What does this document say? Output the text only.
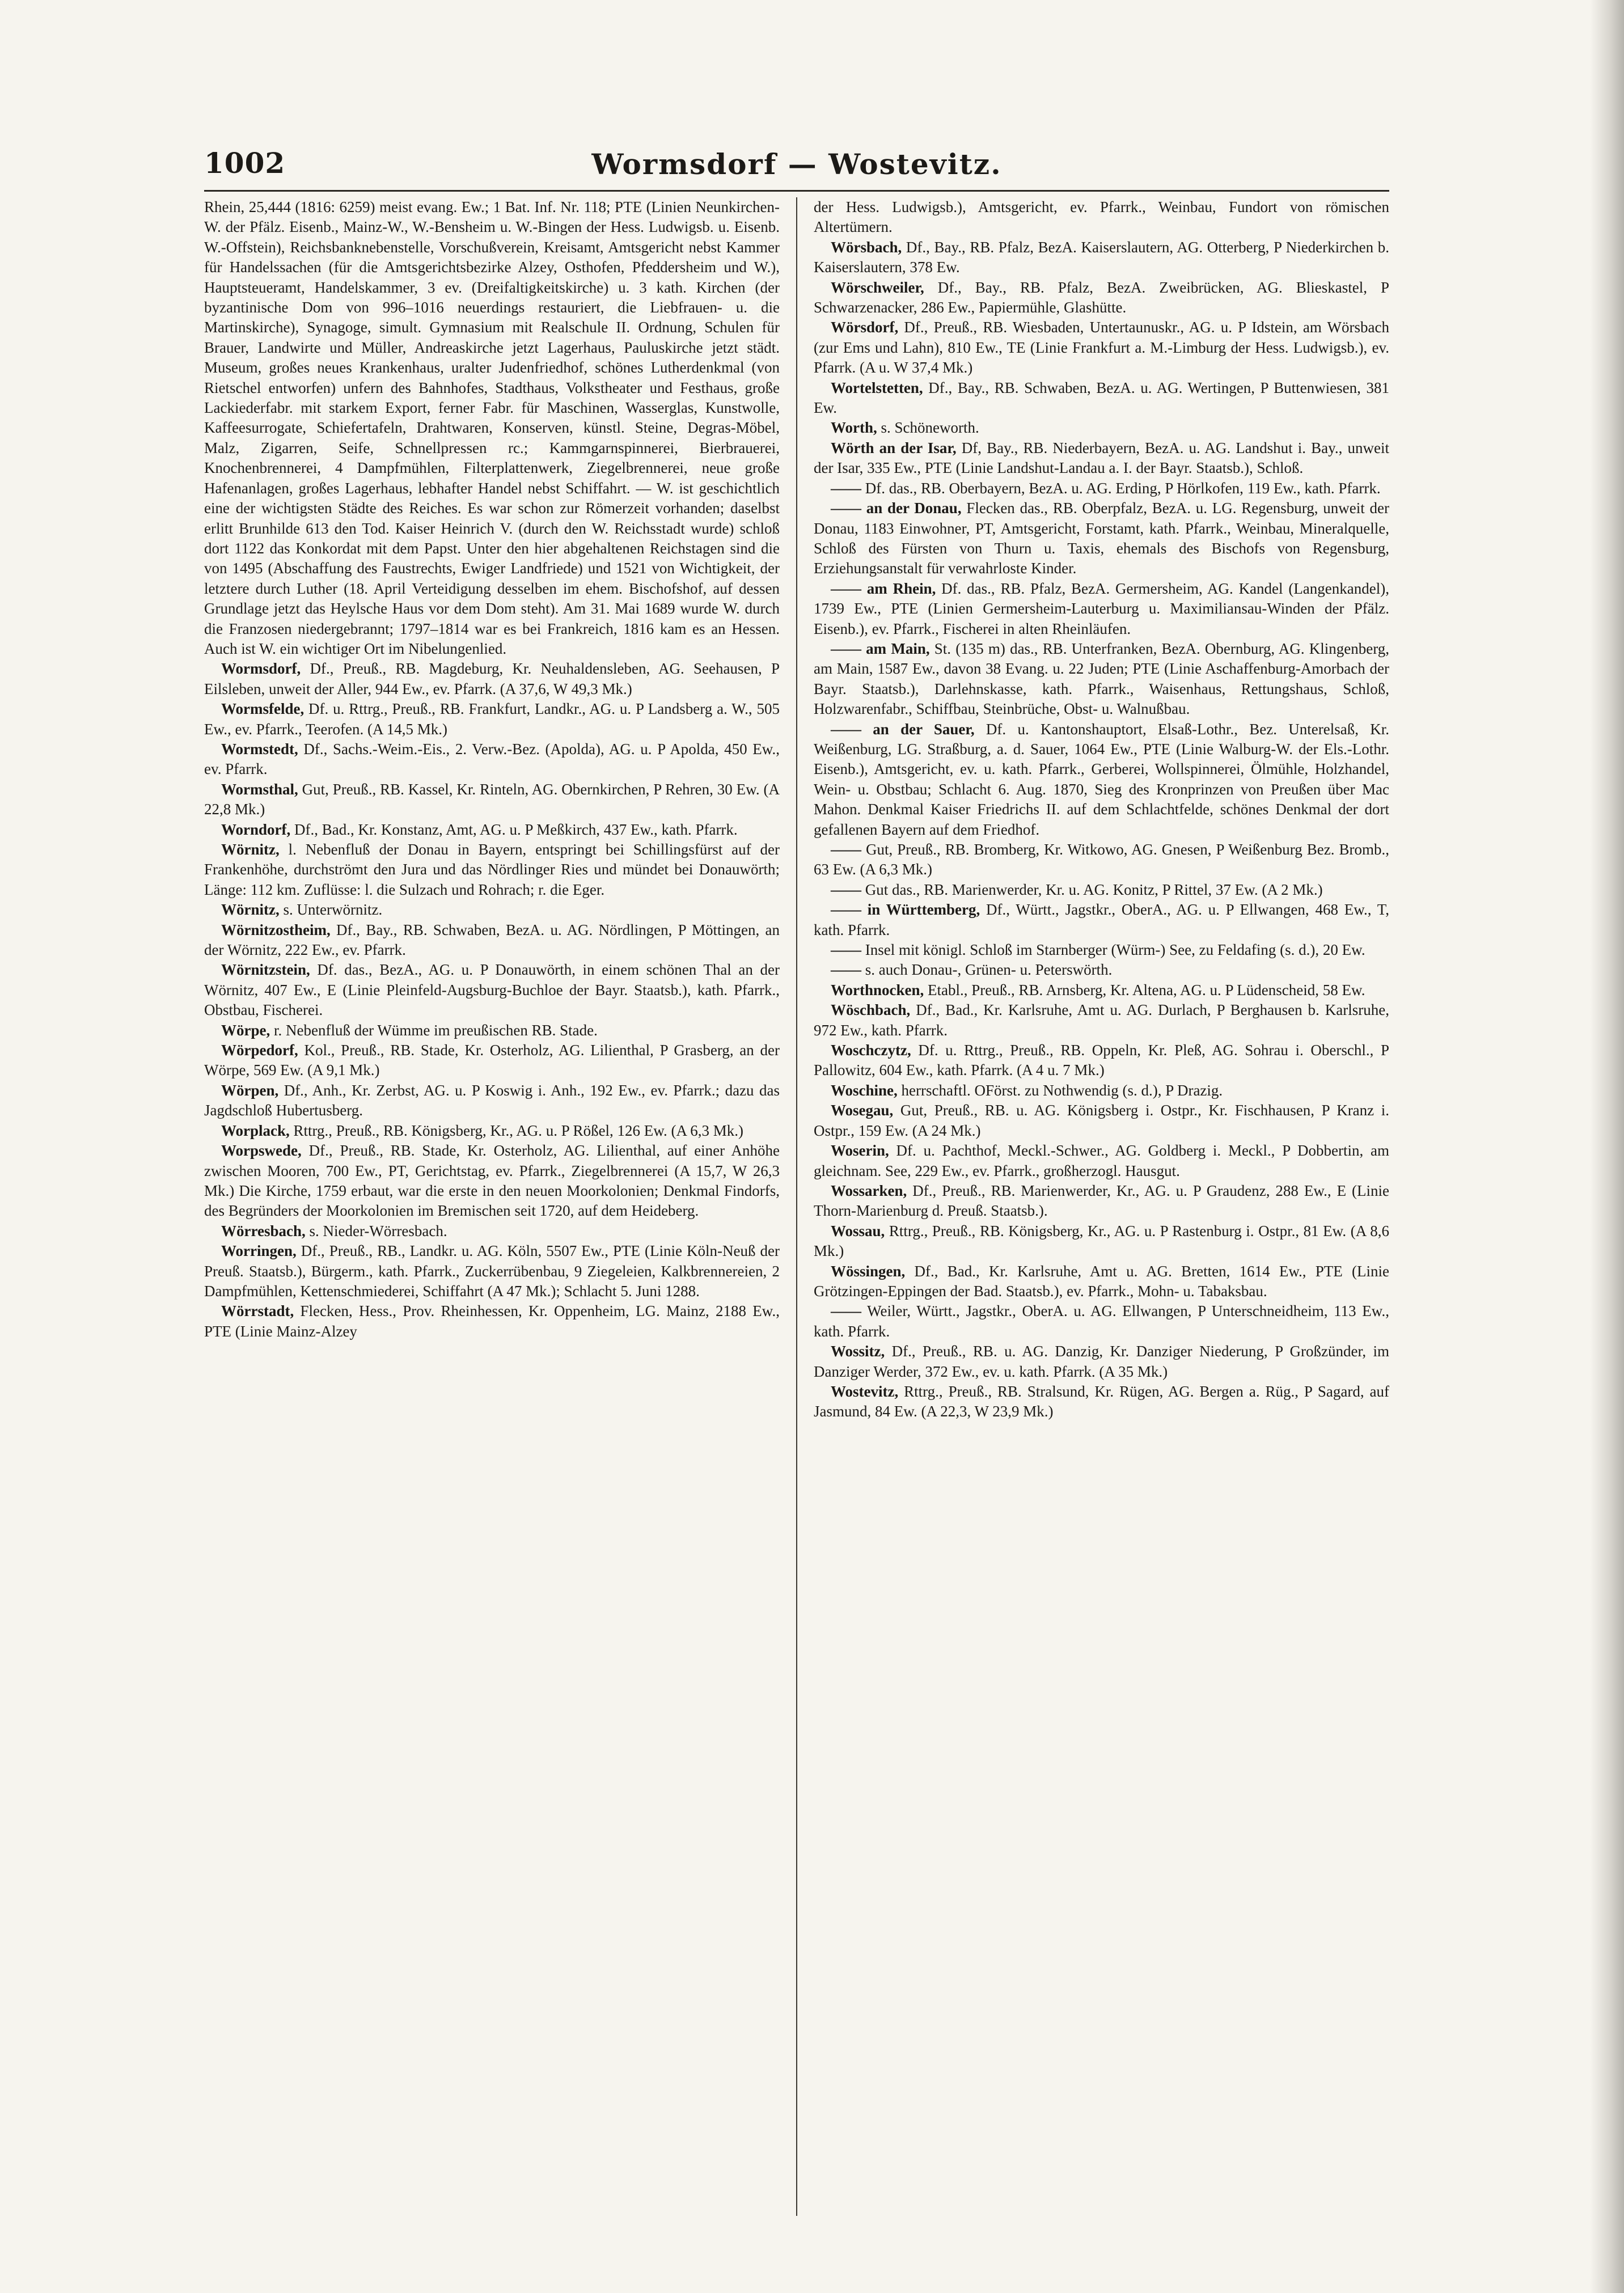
1002	Wormsdorf — Wostevitz.

Rhein, 25,444 (1816: 6259) meist evang. Ew.; 1 Bat. Inf. Nr. 118; PTE (Linien Neunkirchen-W. der Pfälz. Eisenb., Mainz-W., W.-Bensheim u. W.-Bingen der Hess. Ludwigsb. u. Eisenb. W.-Offstein), Reichsbanknebenstelle, Vorschußverein, Kreisamt, Amtsgericht nebst Kammer für Handelssachen (für die Amtsgerichtsbezirke Alzey, Osthofen, Pfeddersheim und W.), Hauptsteueramt, Handelskammer, 3 ev. (Dreifaltigkeitskirche) u. 3 kath. Kirchen (der byzantinische Dom von 996–1016 neuerdings restauriert, die Liebfrauen- u. die Martinskirche), Synagoge, simult. Gymnasium mit Realschule II. Ordnung, Schulen für Brauer, Landwirte und Müller, Andreaskirche jetzt Lagerhaus, Pauluskirche jetzt städt. Museum, großes neues Krankenhaus, uralter Judenfriedhof, schönes Lutherdenkmal (von Rietschel entworfen) unfern des Bahnhofes, Stadthaus, Volkstheater und Festhaus, große Lackiederfabr. mit starkem Export, ferner Fabr. für Maschinen, Wasserglas, Kunstwolle, Kaffeesurrogate, Schiefertafeln, Drahtwaren, Konserven, künstl. Steine, Degras-Möbel, Malz, Zigarren, Seife, Schnellpressen rc.; Kammgarnspinnerei, Bierbrauerei, Knochenbrennerei, 4 Dampfmühlen, Filterplattenwerk, Ziegelbrennerei, neue große Hafenanlagen, großes Lagerhaus, lebhafter Handel nebst Schiffahrt. — W. ist geschichtlich eine der wichtigsten Städte des Reiches. Es war schon zur Römerzeit vorhanden; daselbst erlitt Brunhilde 613 den Tod. Kaiser Heinrich V. (durch den W. Reichsstadt wurde) schloß dort 1122 das Konkordat mit dem Papst. Unter den hier abgehaltenen Reichstagen sind die von 1495 (Abschaffung des Faustrechts, Ewiger Landfriede) und 1521 von Wichtigkeit, der letztere durch Luther (18. April Verteidigung desselben im ehem. Bischofshof, auf dessen Grundlage jetzt das Heylsche Haus vor dem Dom steht). Am 31. Mai 1689 wurde W. durch die Franzosen niedergebrannt; 1797–1814 war es bei Frankreich, 1816 kam es an Hessen. Auch ist W. ein wichtiger Ort im Nibelungenlied.

Wormsdorf, Df., Preuß., RB. Magdeburg, Kr. Neuhaldensleben, AG. Seehausen, P Eilsleben, unweit der Aller, 944 Ew., ev. Pfarrk. (A 37,6, W 49,3 Mk.)

Wormsfelde, Df. u. Rttrg., Preuß., RB. Frankfurt, Landkr., AG. u. P Landsberg a. W., 505 Ew., ev. Pfarrk., Teerofen. (A 14,5 Mk.)

Wormstedt, Df., Sachs.-Weim.-Eis., 2. Verw.-Bez. (Apolda), AG. u. P Apolda, 450 Ew., ev. Pfarrk.

Wormsthal, Gut, Preuß., RB. Kassel, Kr. Rinteln, AG. Obernkirchen, P Rehren, 30 Ew. (A 22,8 Mk.)

Worndorf, Df., Bad., Kr. Konstanz, Amt, AG. u. P Meßkirch, 437 Ew., kath. Pfarrk.

Wörnitz, l. Nebenfluß der Donau in Bayern, entspringt bei Schillingsfürst auf der Frankenhöhe, durchströmt den Jura und das Nördlinger Ries und mündet bei Donauwörth; Länge: 112 km. Zuflüsse: l. die Sulzach und Rohrach; r. die Eger.

Wörnitz, s. Unterwörnitz.

Wörnitzostheim, Df., Bay., RB. Schwaben, BezA. u. AG. Nördlingen, P Möttingen, an der Wörnitz, 222 Ew., ev. Pfarrk.

Wörnitzstein, Df. das., BezA., AG. u. P Donauwörth, in einem schönen Thal an der Wörnitz, 407 Ew., E (Linie Pleinfeld-Augsburg-Buchloe der Bayr. Staatsb.), kath. Pfarrk., Obstbau, Fischerei.

Wörpe, r. Nebenfluß der Wümme im preußischen RB. Stade.

Wörpedorf, Kol., Preuß., RB. Stade, Kr. Osterholz, AG. Lilienthal, P Grasberg, an der Wörpe, 569 Ew. (A 9,1 Mk.)

Wörpen, Df., Anh., Kr. Zerbst, AG. u. P Koswig i. Anh., 192 Ew., ev. Pfarrk.; dazu das Jagdschloß Hubertusberg.

Worplack, Rttrg., Preuß., RB. Königsberg, Kr., AG. u. P Rößel, 126 Ew. (A 6,3 Mk.)

Worpswede, Df., Preuß., RB. Stade, Kr. Osterholz, AG. Lilienthal, auf einer Anhöhe zwischen Mooren, 700 Ew., PT, Gerichtstag, ev. Pfarrk., Ziegelbrennerei (A 15,7, W 26,3 Mk.) Die Kirche, 1759 erbaut, war die erste in den neuen Moorkolonien; Denkmal Findorfs, des Begründers der Moorkolonien im Bremischen seit 1720, auf dem Heideberg.

Wörresbach, s. Nieder-Wörresbach.

Worringen, Df., Preuß., RB., Landkr. u. AG. Köln, 5507 Ew., PTE (Linie Köln-Neuß der Preuß. Staatsb.), Bürgerm., kath. Pfarrk., Zuckerrübenbau, 9 Ziegeleien, Kalkbrennereien, 2 Dampfmühlen, Kettenschmiederei, Schiffahrt (A 47 Mk.); Schlacht 5. Juni 1288.

Wörrstadt, Flecken, Hess., Prov. Rheinhessen, Kr. Oppenheim, LG. Mainz, 2188 Ew., PTE (Linie Mainz-Alzey

der Hess. Ludwigsb.), Amtsgericht, ev. Pfarrk., Weinbau, Fundort von römischen Altertümern.

Wörsbach, Df., Bay., RB. Pfalz, BezA. Kaiserslautern, AG. Otterberg, P Niederkirchen b. Kaiserslautern, 378 Ew.

Wörschweiler, Df., Bay., RB. Pfalz, BezA. Zweibrücken, AG. Blieskastel, P Schwarzenacker, 286 Ew., Papiermühle, Glashütte.

Wörsdorf, Df., Preuß., RB. Wiesbaden, Untertaunuskr., AG. u. P Idstein, am Wörsbach (zur Ems und Lahn), 810 Ew., TE (Linie Frankfurt a. M.-Limburg der Hess. Ludwigsb.), ev. Pfarrk. (A u. W 37,4 Mk.)

Wortelstetten, Df., Bay., RB. Schwaben, BezA. u. AG. Wertingen, P Buttenwiesen, 381 Ew.

Worth, s. Schöneworth.

Wörth an der Isar, Df, Bay., RB. Niederbayern, BezA. u. AG. Landshut i. Bay., unweit der Isar, 335 Ew., PTE (Linie Landshut-Landau a. I. der Bayr. Staatsb.), Schloß.

—— Df. das., RB. Oberbayern, BezA. u. AG. Erding, P Hörlkofen, 119 Ew., kath. Pfarrk.

—— an der Donau, Flecken das., RB. Oberpfalz, BezA. u. LG. Regensburg, unweit der Donau, 1183 Einwohner, PT, Amtsgericht, Forstamt, kath. Pfarrk., Weinbau, Mineralquelle, Schloß des Fürsten von Thurn u. Taxis, ehemals des Bischofs von Regensburg, Erziehungsanstalt für verwahrloste Kinder.

—— am Rhein, Df. das., RB. Pfalz, BezA. Germersheim, AG. Kandel (Langenkandel), 1739 Ew., PTE (Linien Germersheim-Lauterburg u. Maximiliansau-Winden der Pfälz. Eisenb.), ev. Pfarrk., Fischerei in alten Rheinläufen.

—— am Main, St. (135 m) das., RB. Unterfranken, BezA. Obernburg, AG. Klingenberg, am Main, 1587 Ew., davon 38 Evang. u. 22 Juden; PTE (Linie Aschaffenburg-Amorbach der Bayr. Staatsb.), Darlehnskasse, kath. Pfarrk., Waisenhaus, Rettungshaus, Schloß, Holzwarenfabr., Schiffbau, Steinbrüche, Obst- u. Walnußbau.

—— an der Sauer, Df. u. Kantonshauptort, Elsaß-Lothr., Bez. Unterelsaß, Kr. Weißenburg, LG. Straßburg, a. d. Sauer, 1064 Ew., PTE (Linie Walburg-W. der Els.-Lothr. Eisenb.), Amtsgericht, ev. u. kath. Pfarrk., Gerberei, Wollspinnerei, Ölmühle, Holzhandel, Wein- u. Obstbau; Schlacht 6. Aug. 1870, Sieg des Kronprinzen von Preußen über Mac Mahon. Denkmal Kaiser Friedrichs II. auf dem Schlachtfelde, schönes Denkmal der dort gefallenen Bayern auf dem Friedhof.

—— Gut, Preuß., RB. Bromberg, Kr. Witkowo, AG. Gnesen, P Weißenburg Bez. Bromb., 63 Ew. (A 6,3 Mk.)

—— Gut das., RB. Marienwerder, Kr. u. AG. Konitz, P Rittel, 37 Ew. (A 2 Mk.)

—— in Württemberg, Df., Württ., Jagstkr., OberA., AG. u. P Ellwangen, 468 Ew., T, kath. Pfarrk.

—— Insel mit königl. Schloß im Starnberger (Würm-) See, zu Feldafing (s. d.), 20 Ew.

—— s. auch Donau-, Grünen- u. Peterswörth.

Worthnocken, Etabl., Preuß., RB. Arnsberg, Kr. Altena, AG. u. P Lüdenscheid, 58 Ew.

Wöschbach, Df., Bad., Kr. Karlsruhe, Amt u. AG. Durlach, P Berghausen b. Karlsruhe, 972 Ew., kath. Pfarrk.

Woschczytz, Df. u. Rttrg., Preuß., RB. Oppeln, Kr. Pleß, AG. Sohrau i. Oberschl., P Pallowitz, 604 Ew., kath. Pfarrk. (A 4 u. 7 Mk.)

Woschine, herrschaftl. OFörst. zu Nothwendig (s. d.), P Drazig.

Wosegau, Gut, Preuß., RB. u. AG. Königsberg i. Ostpr., Kr. Fischhausen, P Kranz i. Ostpr., 159 Ew. (A 24 Mk.)

Woserin, Df. u. Pachthof, Meckl.-Schwer., AG. Goldberg i. Meckl., P Dobbertin, am gleichnam. See, 229 Ew., ev. Pfarrk., großherzogl. Hausgut.

Wossarken, Df., Preuß., RB. Marienwerder, Kr., AG. u. P Graudenz, 288 Ew., E (Linie Thorn-Marienburg d. Preuß. Staatsb.).

Wossau, Rttrg., Preuß., RB. Königsberg, Kr., AG. u. P Rastenburg i. Ostpr., 81 Ew. (A 8,6 Mk.)

Wössingen, Df., Bad., Kr. Karlsruhe, Amt u. AG. Bretten, 1614 Ew., PTE (Linie Grötzingen-Eppingen der Bad. Staatsb.), ev. Pfarrk., Mohn- u. Tabaksbau.

—— Weiler, Württ., Jagstkr., OberA. u. AG. Ellwangen, P Unterschneidheim, 113 Ew., kath. Pfarrk.

Wossitz, Df., Preuß., RB. u. AG. Danzig, Kr. Danziger Niederung, P Großzünder, im Danziger Werder, 372 Ew., ev. u. kath. Pfarrk. (A 35 Mk.)

Wostevitz, Rttrg., Preuß., RB. Stralsund, Kr. Rügen, AG. Bergen a. Rüg., P Sagard, auf Jasmund, 84 Ew. (A 22,3, W 23,9 Mk.)
